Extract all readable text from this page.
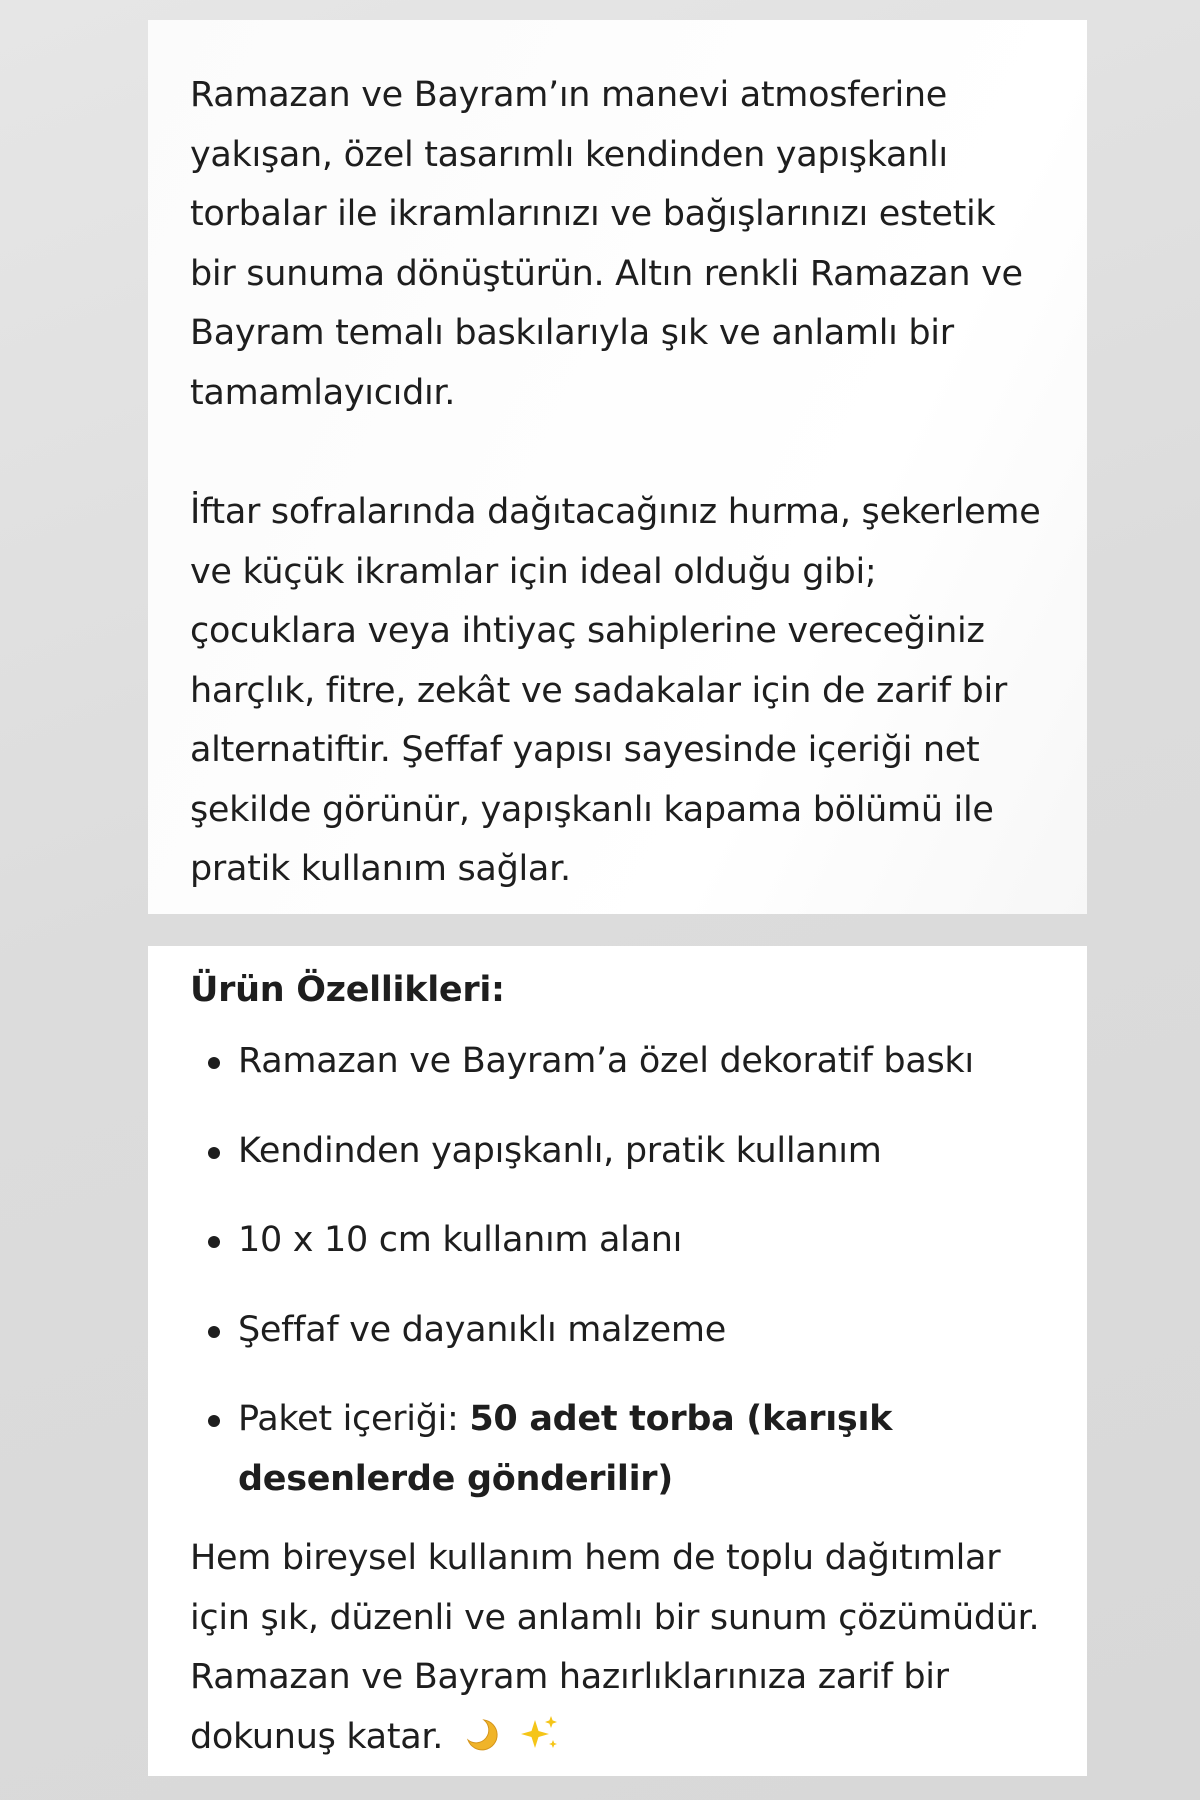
Ramazan ve Bayram’ın manevi atmosferine yakışan, özel tasarımlı kendinden yapışkanlı torbalar ile ikramlarınızı ve bağışlarınızı estetik bir sunuma dönüştürün. Altın renkli Ramazan ve Bayram temalı baskılarıyla şık ve anlamlı bir tamamlayıcıdır.

İftar sofralarında dağıtacağınız hurma, şekerleme ve küçük ikramlar için ideal olduğu gibi; çocuklara veya ihtiyaç sahiplerine vereceğiniz harçlık, fitre, zekât ve sadakalar için de zarif bir alternatiftir. Şeffaf yapısı sayesinde içeriği net şekilde görünür, yapışkanlı kapama bölümü ile pratik kullanım sağlar.

Ürün Özellikleri:
Ramazan ve Bayram’a özel dekoratif baskı
Kendinden yapışkanlı, pratik kullanım
10 x 10 cm kullanım alanı
Şeffaf ve dayanıklı malzeme
Paket içeriği: 50 adet torba (karışık desenlerde gönderilir)

Hem bireysel kullanım hem de toplu dağıtımlar için şık, düzenli ve anlamlı bir sunum çözümüdür. Ramazan ve Bayram hazırlıklarınıza zarif bir dokunuş katar.
